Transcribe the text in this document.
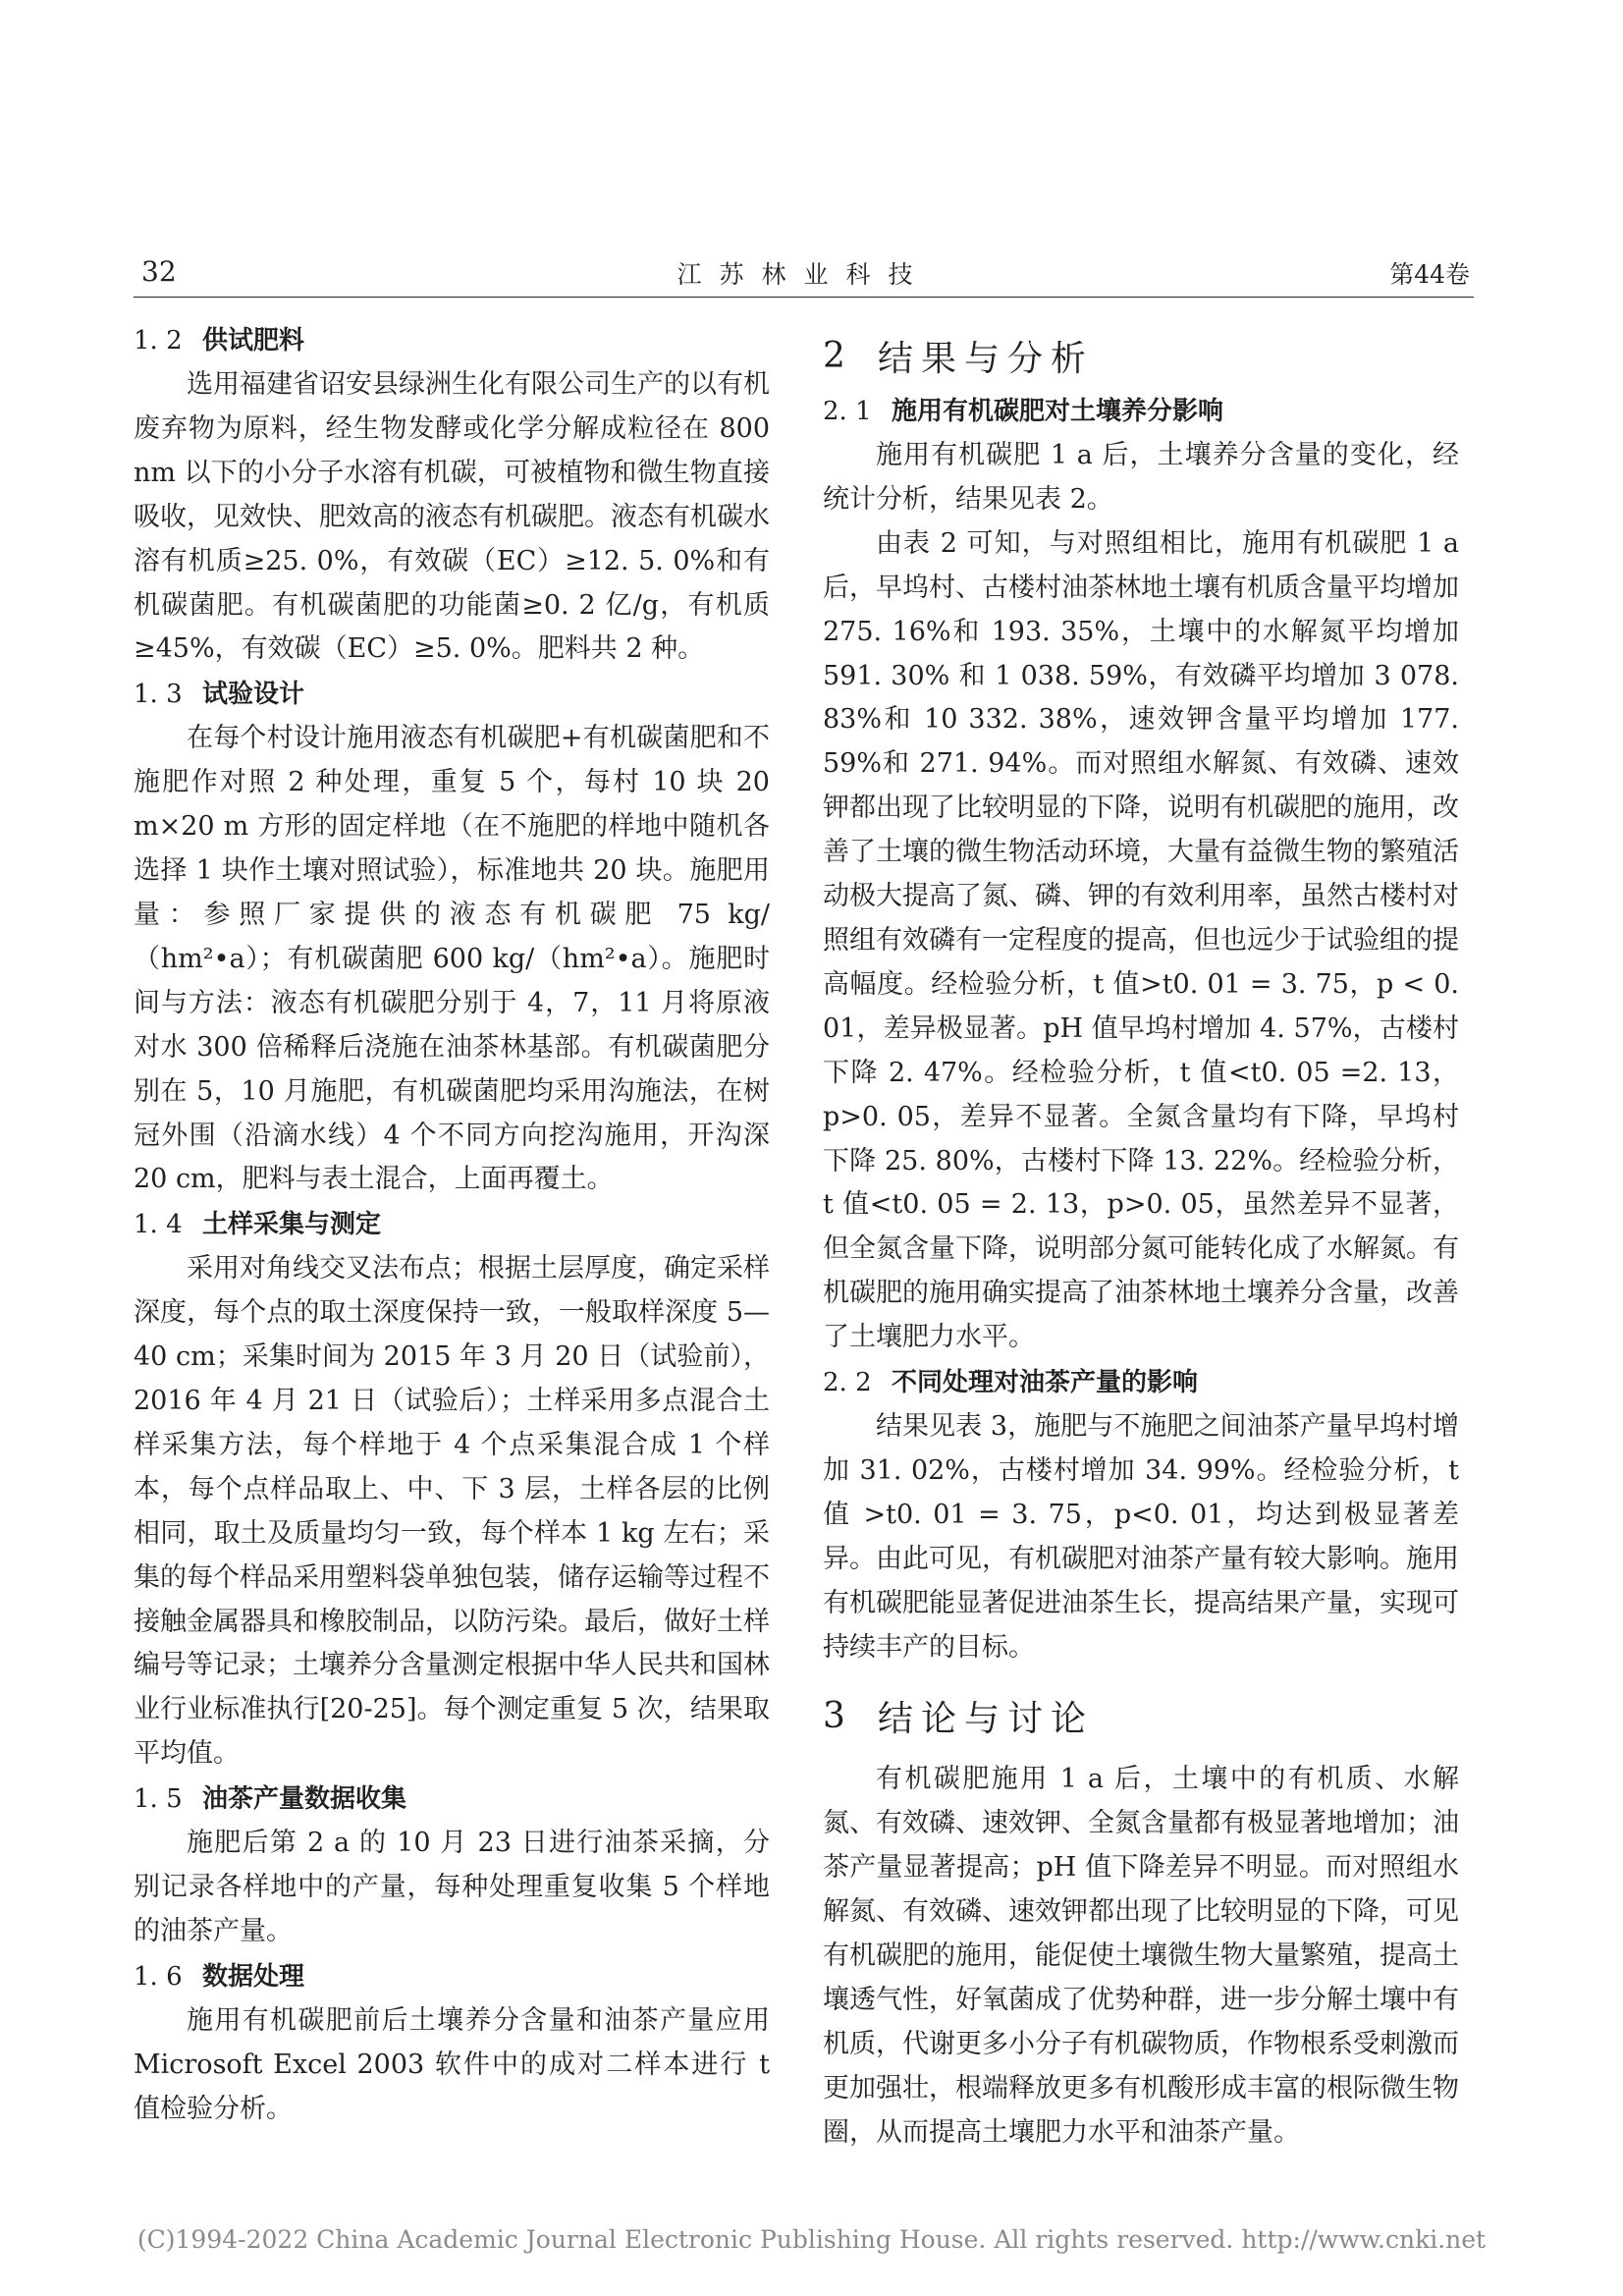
32	江苏林业科技	第44卷
1. 2 供试肥料

选用福建省诏安县绿洲生化有限公司生产的以有机废弃物为原料，经生物发酵或化学分解成粒径在 800 nm 以下的小分子水溶有机碳，可被植物和微生物直接吸收，见效快、肥效高的液态有机碳肥。液态有机碳水溶有机质≥25. 0%，有效碳（EC）≥12. 5. 0%和有机碳菌肥。有机碳菌肥的功能菌≥0. 2 亿/g，有机质≥45%，有效碳（EC）≥5. 0%。肥料共 2 种。

1. 3 试验设计

在每个村设计施用液态有机碳肥+有机碳菌肥和不施肥作对照 2 种处理，重复 5 个，每村 10 块 20 m×20 m 方形的固定样地（在不施肥的样地中随机各选择 1 块作土壤对照试验），标准地共 20 块。施肥用量：参照厂家提供的液态有机碳肥 75 kg/（hm²•a）；有机碳菌肥 600 kg/（hm²•a）。施肥时间与方法：液态有机碳肥分别于 4，7，11 月将原液对水 300 倍稀释后浇施在油茶林基部。有机碳菌肥分别在 5，10 月施肥，有机碳菌肥均采用沟施法，在树冠外围（沿滴水线）4 个不同方向挖沟施用，开沟深 20 cm，肥料与表土混合，上面再覆土。

1. 4 土样采集与测定

采用对角线交叉法布点；根据土层厚度，确定采样深度，每个点的取土深度保持一致，一般取样深度 5—40 cm；采集时间为 2015 年 3 月 20 日（试验前），2016 年 4 月 21 日（试验后）；土样采用多点混合土样采集方法，每个样地于 4 个点采集混合成 1 个样本，每个点样品取上、中、下 3 层，土样各层的比例相同，取土及质量均匀一致，每个样本 1 kg 左右；采集的每个样品采用塑料袋单独包装，储存运输等过程不接触金属器具和橡胶制品，以防污染。最后，做好土样编号等记录；土壤养分含量测定根据中华人民共和国林业行业标准执行[20-25]。每个测定重复 5 次，结果取平均值。

1. 5 油茶产量数据收集

施肥后第 2 a 的 10 月 23 日进行油茶采摘，分别记录各样地中的产量，每种处理重复收集 5 个样地的油茶产量。

1. 6 数据处理

施用有机碳肥前后土壤养分含量和油茶产量应用 Microsoft Excel 2003 软件中的成对二样本进行 t 值检验分析。

2 结果与分析
2. 1 施用有机碳肥对土壤养分影响

施用有机碳肥 1 a 后，土壤养分含量的变化，经统计分析，结果见表 2。

由表 2 可知，与对照组相比，施用有机碳肥 1 a 后，早坞村、古楼村油茶林地土壤有机质含量平均增加 275. 16%和 193. 35%，土壤中的水解氮平均增加 591. 30% 和 1 038. 59%，有效磷平均增加 3 078. 83%和 10 332. 38%，速效钾含量平均增加 177. 59%和 271. 94%。而对照组水解氮、有效磷、速效钾都出现了比较明显的下降，说明有机碳肥的施用，改善了土壤的微生物活动环境，大量有益微生物的繁殖活动极大提高了氮、磷、钾的有效利用率，虽然古楼村对照组有效磷有一定程度的提高，但也远少于试验组的提高幅度。经检验分析，t 值>t0. 01 = 3. 75，p < 0. 01，差异极显著。pH 值早坞村增加 4. 57%，古楼村下降 2. 47%。经检验分析，t 值<t0. 05 =2. 13，p>0. 05，差异不显著。全氮含量均有下降，早坞村下降 25. 80%，古楼村下降 13. 22%。经检验分析，t 值<t0. 05 = 2. 13，p>0. 05，虽然差异不显著，但全氮含量下降，说明部分氮可能转化成了水解氮。有机碳肥的施用确实提高了油茶林地土壤养分含量，改善了土壤肥力水平。

2. 2 不同处理对油茶产量的影响

结果见表 3，施肥与不施肥之间油茶产量早坞村增加 31. 02%，古楼村增加 34. 99%。经检验分析，t 值 >t0. 01 = 3. 75，p<0. 01，均达到极显著差异。由此可见，有机碳肥对油茶产量有较大影响。施用有机碳肥能显著促进油茶生长，提高结果产量，实现可持续丰产的目标。

3 结论与讨论

有机碳肥施用 1 a 后，土壤中的有机质、水解氮、有效磷、速效钾、全氮含量都有极显著地增加；油茶产量显著提高；pH 值下降差异不明显。而对照组水解氮、有效磷、速效钾都出现了比较明显的下降，可见有机碳肥的施用，能促使土壤微生物大量繁殖，提高土壤透气性，好氧菌成了优势种群，进一步分解土壤中有机质，代谢更多小分子有机碳物质，作物根系受刺激而更加强壮，根端释放更多有机酸形成丰富的根际微生物圈，从而提高土壤肥力水平和油茶产量。

(C)1994-2022 China Academic Journal Electronic Publishing House. All rights reserved. http://www.cnki.net
